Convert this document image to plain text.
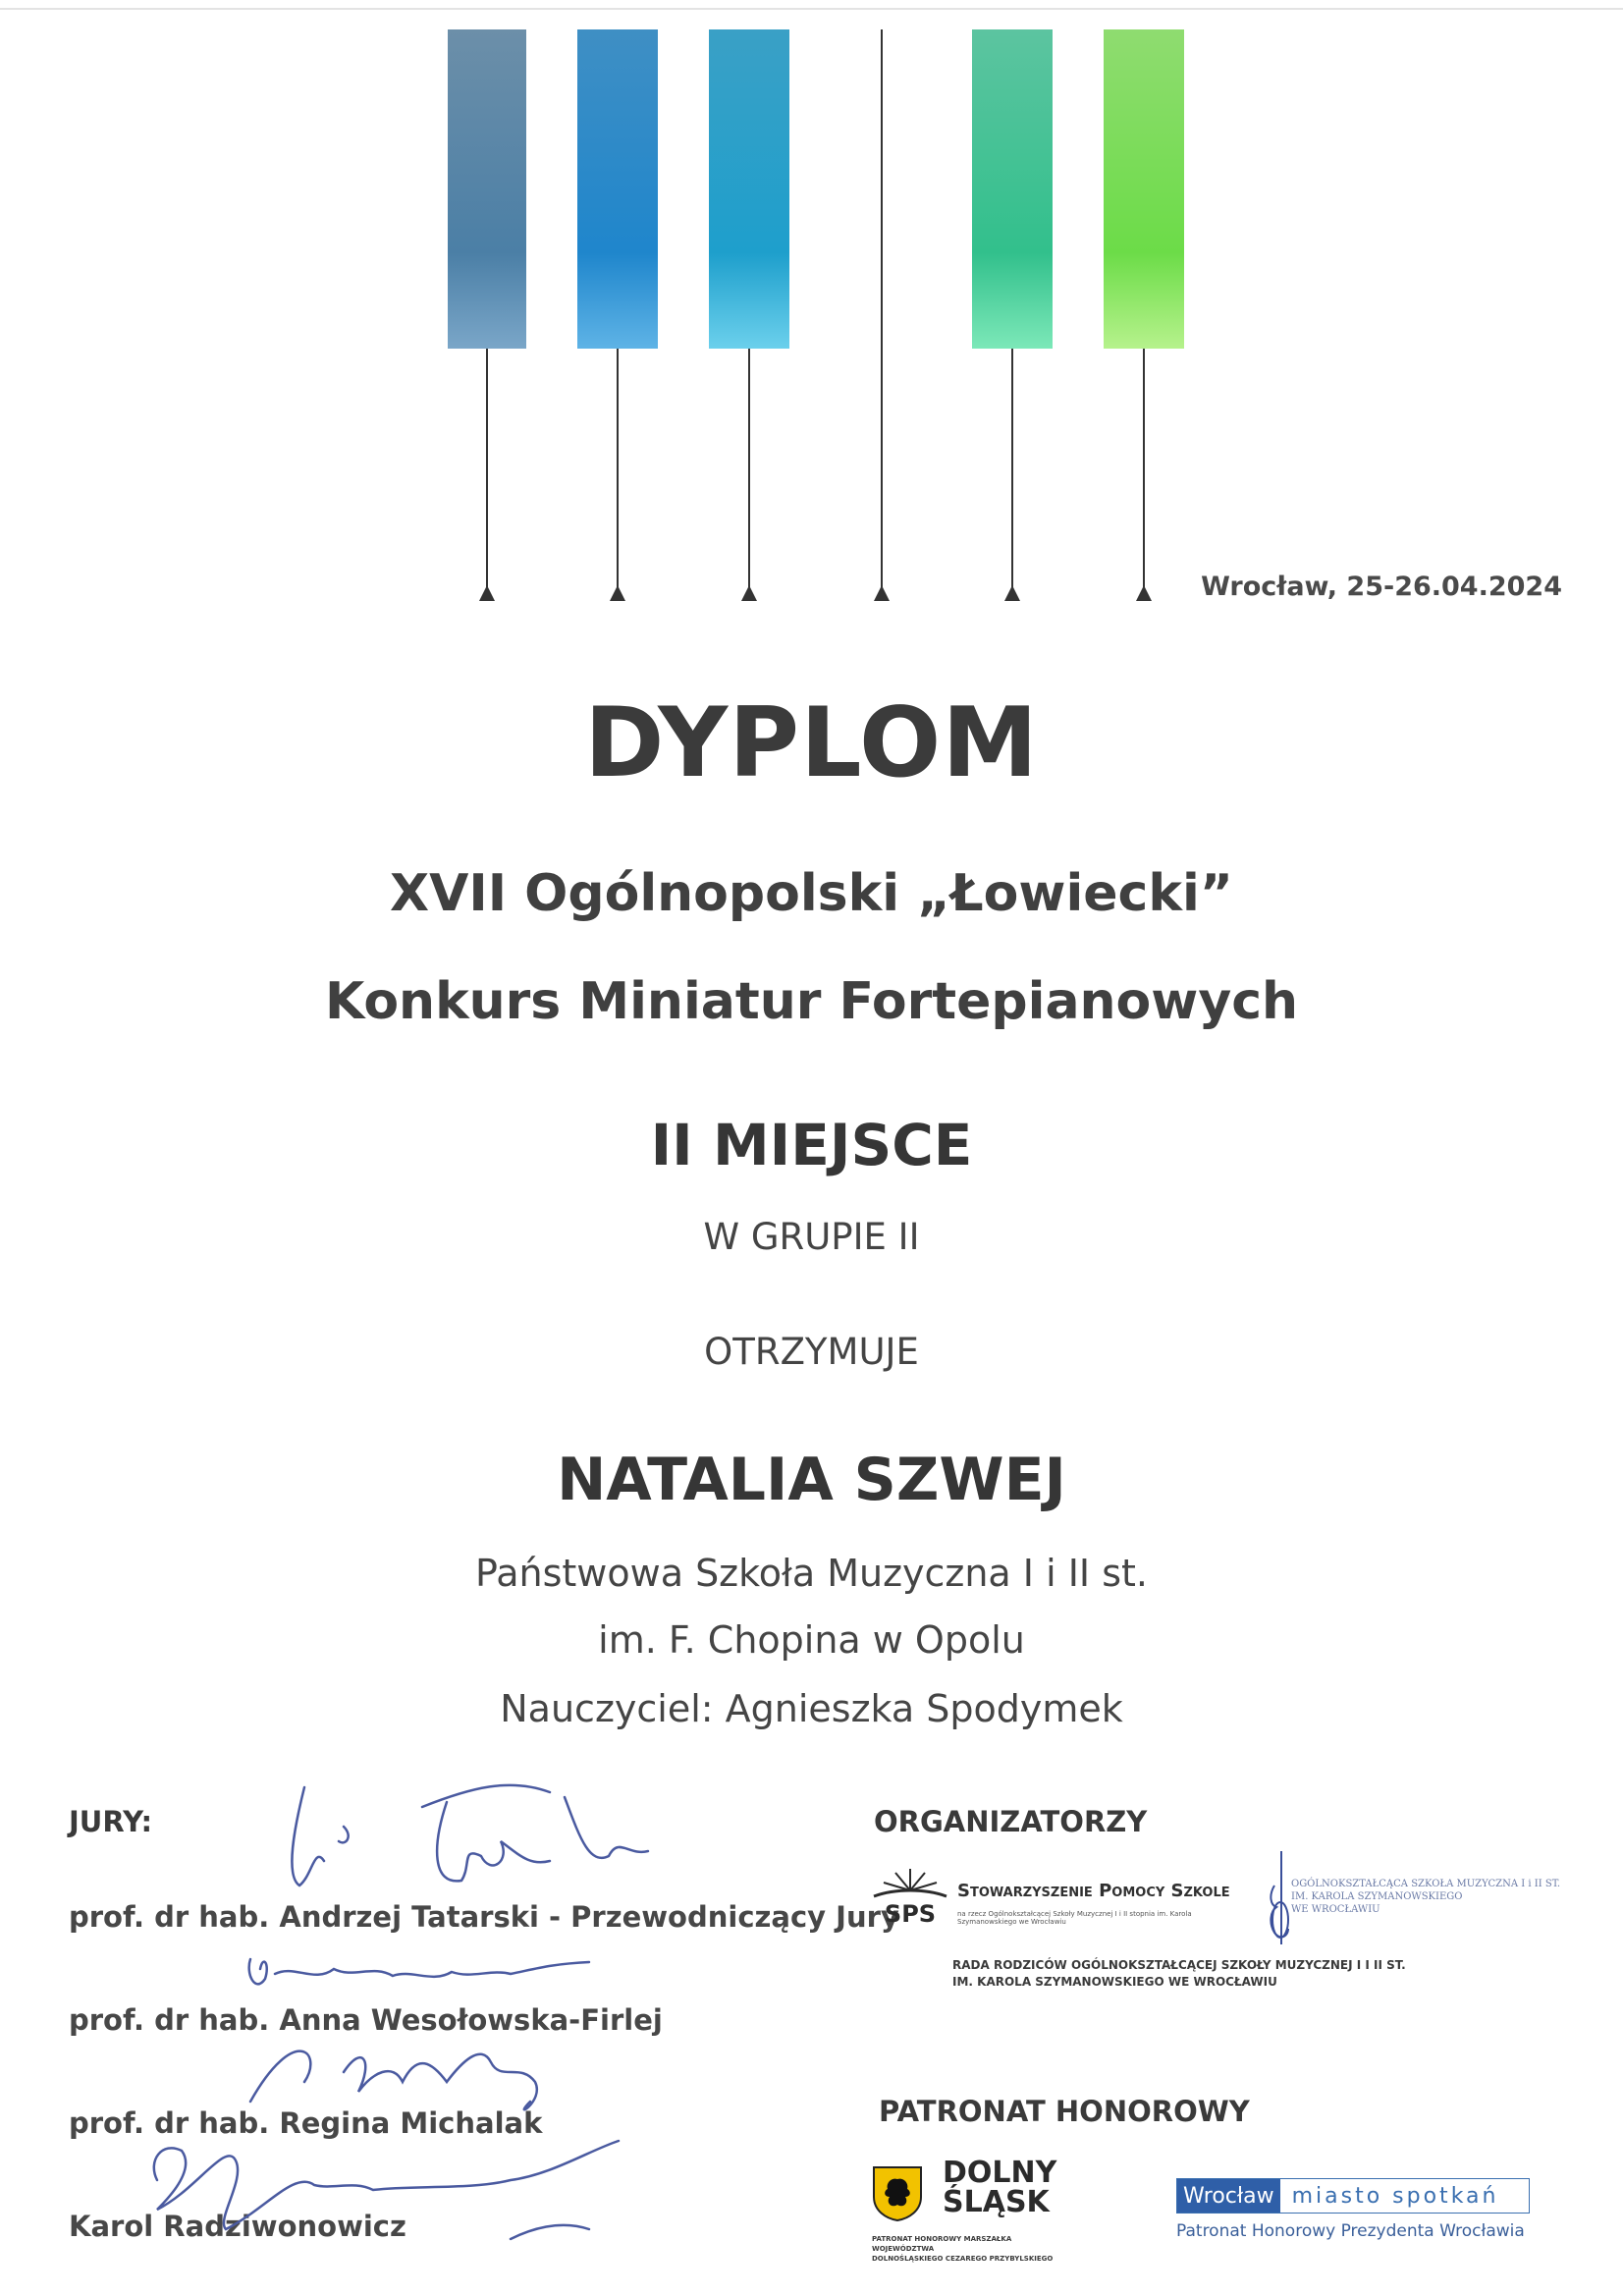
Wrocław, 25-26.04.2024
DYPLOM
XVII Ogólnopolski „Łowiecki”
Konkurs Miniatur Fortepianowych
II MIEJSCE
W GRUPIE II
OTRZYMUJE
NATALIA SZWEJ
Państwowa Szkoła Muzyczna I i II st.
im. F. Chopina w Opolu
Nauczyciel: Agnieszka Spodymek
JURY:
prof. dr hab. Andrzej Tatarski - Przewodniczący Jury
prof. dr hab. Anna Wesołowska-Firlej
prof. dr hab. Regina Michalak
Karol Radziwonowicz
ORGANIZATORZY
SPS
Stowarzyszenie Pomocy Szkole
na rzecz Ogólnokształcącej Szkoły Muzycznej I i II stopnia im. Karola Szymanowskiego we Wrocławiu
OGÓLNOKSZTAŁCĄCA SZKOŁA MUZYCZNA I i II ST.
IM. KAROLA SZYMANOWSKIEGO
WE WROCŁAWIU
RADA RODZICÓW OGÓLNOKSZTAŁCĄCEJ SZKOŁY MUZYCZNEJ I I II ST.
IM. KAROLA SZYMANOWSKIEGO WE WROCŁAWIU
PATRONAT HONOROWY
DOLNY
ŚLĄSK
PATRONAT HONOROWY MARSZAŁKA WOJEWÓDZTWA
DOLNOŚLĄSKIEGO CEZAREGO PRZYBYLSKIEGO
Wrocław miasto spotkań
Patronat Honorowy Prezydenta Wrocławia
